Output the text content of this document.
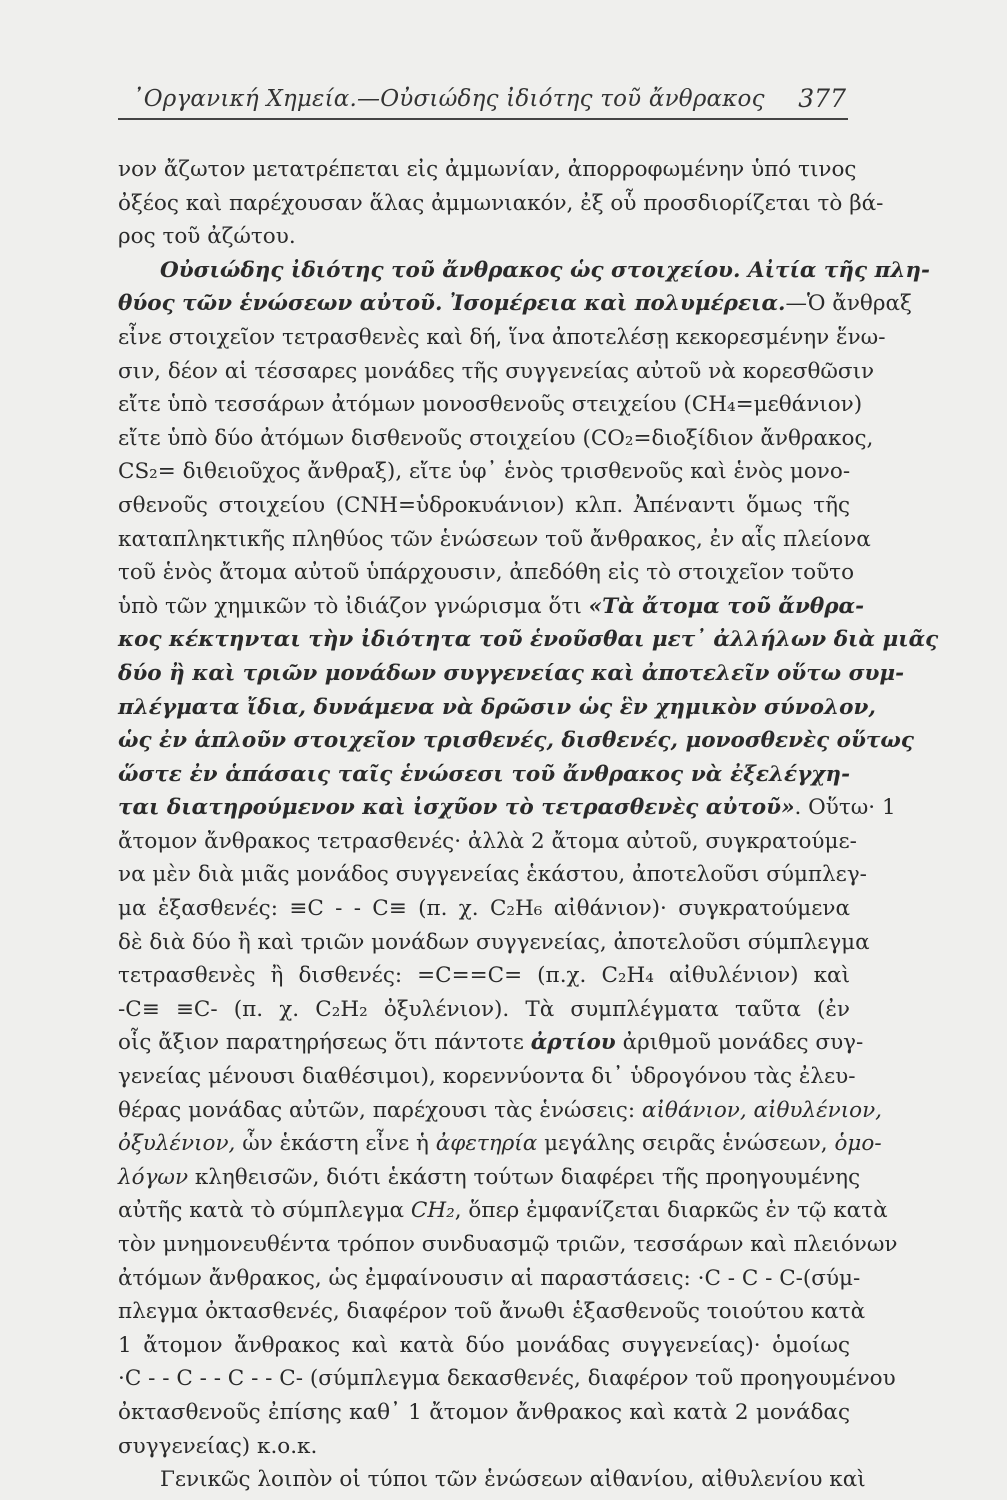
᾿Οργανική Χημεία.—Οὐσιώδης ἰδιότης τοῦ ἄνθρακος 377
νον ἄζωτον μετατρέπεται εἰς ἀμμωνίαν, ἀπορροφωμένην ὑπό τινος
ὀξέος καὶ παρέχουσαν ἅλας ἀμμωνιακόν, ἐξ οὗ προσδιορίζεται τὸ βά-
ρος τοῦ ἀζώτου.
Οὐσιώδης ἰδιότης τοῦ ἄνθρακος ὡς στοιχείου. Αἰτία τῆς πλη-
θύος τῶν ἑνώσεων αὐτοῦ. Ἰσομέρεια καὶ πολυμέρεια.—Ὁ ἄνθραξ
εἶνε στοιχεῖον τετρασθενὲς καὶ δή, ἵνα ἀποτελέσῃ κεκορεσμένην ἕνω-
σιν, δέον αἱ τέσσαρες μονάδες τῆς συγγενείας αὐτοῦ νὰ κορεσθῶσιν
εἴτε ὑπὸ τεσσάρων ἀτόμων μονοσθενοῦς στειχείου (CH₄=μεθάνιον)
εἴτε ὑπὸ δύο ἀτόμων δισθενοῦς στοιχείου (CO₂=διοξίδιον ἄνθρακος,
CS₂= διθειοῦχος ἄνθραξ), εἴτε ὑφ᾽ ἑνὸς τρισθενοῦς καὶ ἑνὸς μονο-
σθενοῦς στοιχείου (CNH=ὑδροκυάνιον) κλπ. Ἀπέναντι ὅμως τῆς
καταπληκτικῆς πληθύος τῶν ἑνώσεων τοῦ ἄνθρακος, ἐν αἷς πλείονα
τοῦ ἑνὸς ἄτομα αὐτοῦ ὑπάρχουσιν, ἀπεδόθη εἰς τὸ στοιχεῖον τοῦτο
ὑπὸ τῶν χημικῶν τὸ ἰδιάζον γνώρισμα ὅτι «Τὰ ἄτομα τοῦ ἄνθρα-
κος κέκτηνται τὴν ἰδιότητα τοῦ ἑνοῦσθαι μετ᾽ ἀλλήλων διὰ μιᾶς
δύο ἢ καὶ τριῶν μονάδων συγγενείας καὶ ἀποτελεῖν οὕτω συμ-
πλέγματα ἴδια, δυνάμενα νὰ δρῶσιν ὡς ἓν χημικὸν σύνολον,
ὡς ἐν ἁπλοῦν στοιχεῖον τρισθενές, δισθενές, μονοσθενὲς οὕτως
ὥστε ἐν ἁπάσαις ταῖς ἑνώσεσι τοῦ ἄνθρακος νὰ ἐξελέγχη-
ται διατηρούμενον καὶ ἰσχῦον τὸ τετρασθενὲς αὐτοῦ». Οὕτω· 1
ἄτομον ἄνθρακος τετρασθενές· ἀλλὰ 2 ἄτομα αὐτοῦ, συγκρατούμε-
να μὲν διὰ μιᾶς μονάδος συγγενείας ἑκάστου, ἀποτελοῦσι σύμπλεγ-
μα ἑξασθενές: ≡C - - C≡ (π. χ. C₂H₆ αἰθάνιον)· συγκρατούμενα
δὲ διὰ δύο ἢ καὶ τριῶν μονάδων συγγενείας, ἀποτελοῦσι σύμπλεγμα
τετρασθενὲς ἢ δισθενές: =C==C= (π.χ. C₂H₄ αἰθυλένιον) καὶ
-C≡ ≡C- (π. χ. C₂H₂ ὀξυλένιον). Τὰ συμπλέγματα ταῦτα (ἐν
οἷς ἄξιον παρατηρήσεως ὅτι πάντοτε ἀρτίου ἀριθμοῦ μονάδες συγ-
γενείας μένουσι διαθέσιμοι), κορεννύοντα δι᾽ ὑδρογόνου τὰς ἐλευ-
θέρας μονάδας αὐτῶν, παρέχουσι τὰς ἑνώσεις: αἰθάνιον, αἰθυλένιον,
ὀξυλένιον, ὧν ἑκάστη εἶνε ἡ ἀφετηρία μεγάλης σειρᾶς ἑνώσεων, ὁμο-
λόγων κληθεισῶν, διότι ἑκάστη τούτων διαφέρει τῆς προηγουμένης
αὐτῆς κατὰ τὸ σύμπλεγμα CH₂, ὅπερ ἐμφανίζεται διαρκῶς ἐν τῷ κατὰ
τὸν μνημονευθέντα τρόπον συνδυασμῷ τριῶν, τεσσάρων καὶ πλειόνων
ἀτόμων ἄνθρακος, ὡς ἐμφαίνουσιν αἱ παραστάσεις: ·C - C - C-(σύμ-
πλεγμα ὀκτασθενές, διαφέρον τοῦ ἄνωθι ἑξασθενοῦς τοιούτου κατὰ
1 ἄτομον ἄνθρακος καὶ κατὰ δύο μονάδας συγγενείας)· ὁμοίως
·C - - C - - C - - C- (σύμπλεγμα δεκασθενές, διαφέρον τοῦ προηγουμένου
ὀκτασθενοῦς ἐπίσης καθ᾽ 1 ἄτομον ἄνθρακος καὶ κατὰ 2 μονάδας
συγγενείας) κ.ο.κ.
Γενικῶς λοιπὸν οἱ τύποι τῶν ἑνώσεων αἰθανίου, αἰθυλενίου καὶ
